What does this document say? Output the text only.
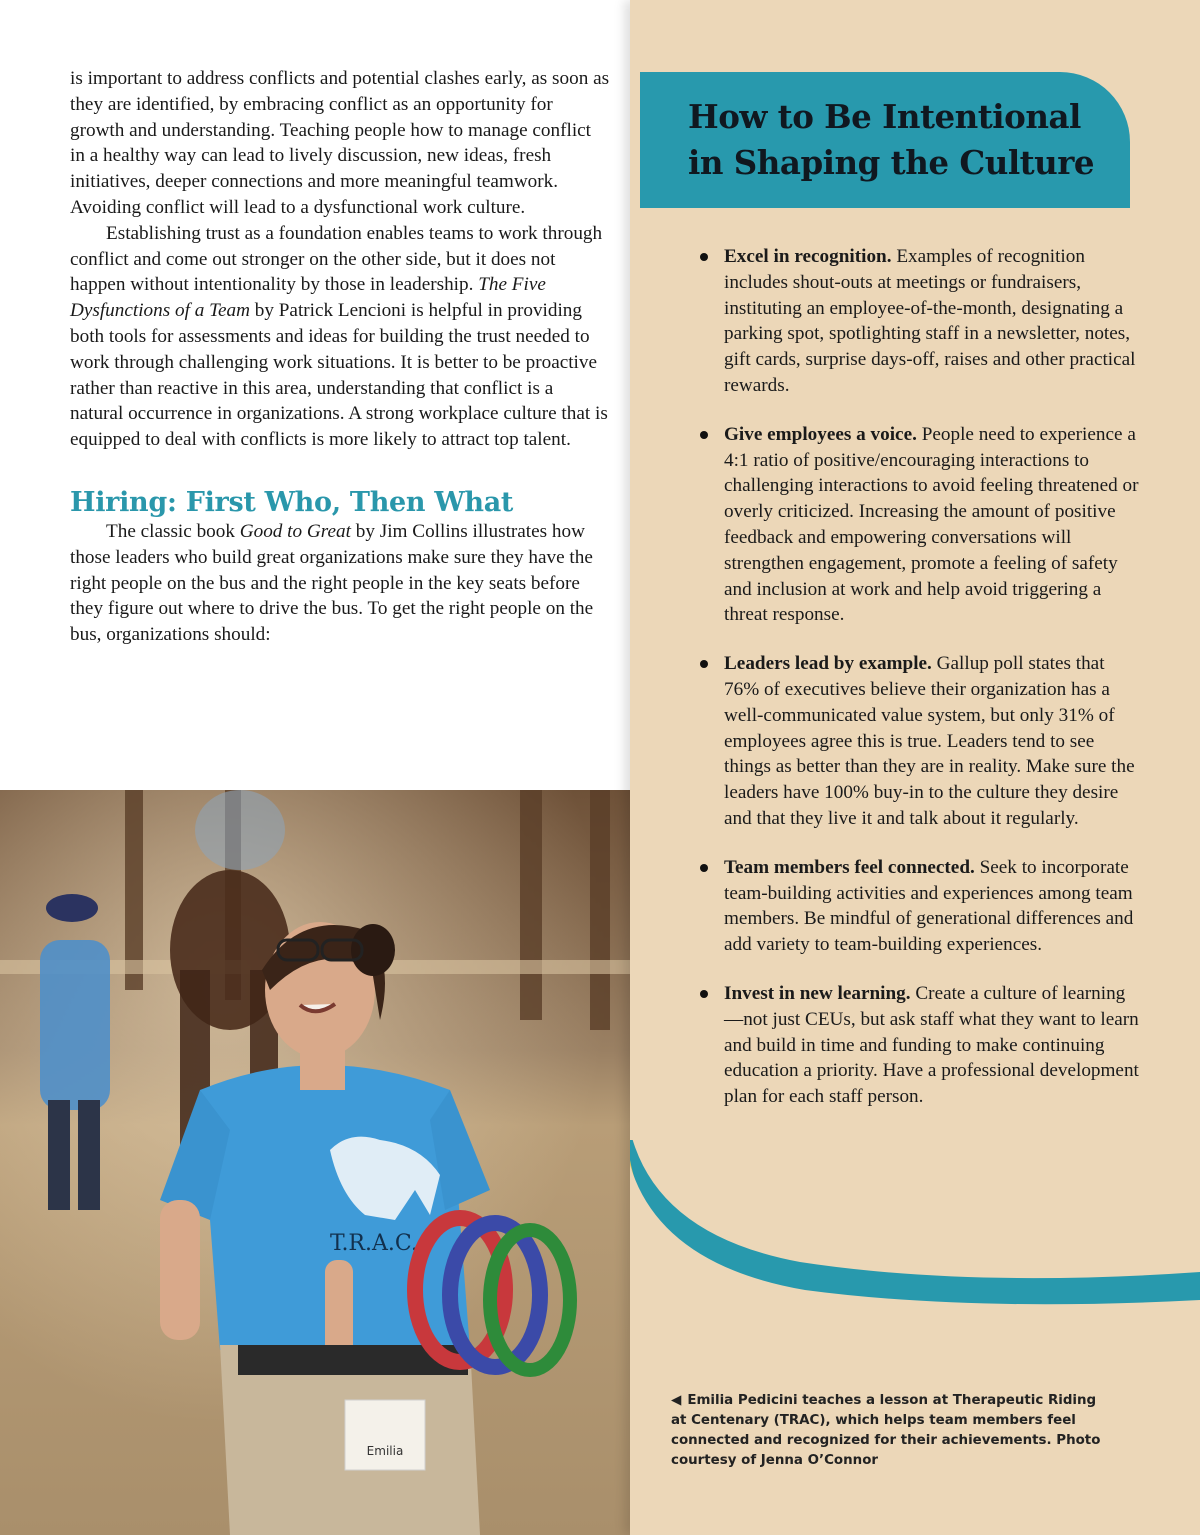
is important to address conflicts and potential clashes early, as soon as they are identified, by embracing conflict as an opportunity for growth and understanding. Teaching people how to manage conflict in a healthy way can lead to lively discussion, new ideas, fresh initiatives, deeper connections and more meaningful teamwork. Avoiding conflict will lead to a dysfunctional work culture.

Establishing trust as a foundation enables teams to work through conflict and come out stronger on the other side, but it does not happen without intentionality by those in leadership. The Five Dysfunctions of a Team by Patrick Lencioni is helpful in providing both tools for assessments and ideas for building the trust needed to work through challenging work situations. It is better to be proactive rather than reactive in this area, understanding that conflict is a natural occurrence in organizations. A strong workplace culture that is equipped to deal with conflicts is more likely to attract top talent.

Hiring: First Who, Then What

The classic book Good to Great by Jim Collins illustrates how those leaders who build great organizations make sure they have the right people on the bus and the right people in the key seats before they figure out where to drive the bus. To get the right people on the bus, organizations should:

T.R.A.C.
Emilia
How to Be Intentional
in Shaping the Culture
Excel in recognition. Examples of recognition includes shout-outs at meetings or fundraisers, instituting an employee-of-the-month, designating a parking spot, spotlighting staff in a newsletter, notes, gift cards, surprise days-off, raises and other practical rewards.
Give employees a voice. People need to experience a 4:1 ratio of positive/encouraging interactions to challenging interactions to avoid feeling threatened or overly criticized. Increasing the amount of positive feedback and empowering conversations will strengthen engagement, promote a feeling of safety and inclusion at work and help avoid triggering a threat response.
Leaders lead by example. Gallup poll states that 76% of executives believe their organization has a well-communicated value system, but only 31% of employees agree this is true. Leaders tend to see things as better than they are in reality. Make sure the leaders have 100% buy-in to the culture they desire and that they live it and talk about it regularly.
Team members feel connected. Seek to incorporate team-building activities and experiences among team members. Be mindful of generational differences and add variety to team-building experiences.
Invest in new learning. Create a culture of learning—not just CEUs, but ask staff what they want to learn and build in time and funding to make continuing education a priority. Have a professional development plan for each staff person.

◀ Emilia Pedicini teaches a lesson at Therapeutic Riding at Centenary (TRAC), which helps team members feel connected and recognized for their achievements. Photo courtesy of Jenna O’Connor
